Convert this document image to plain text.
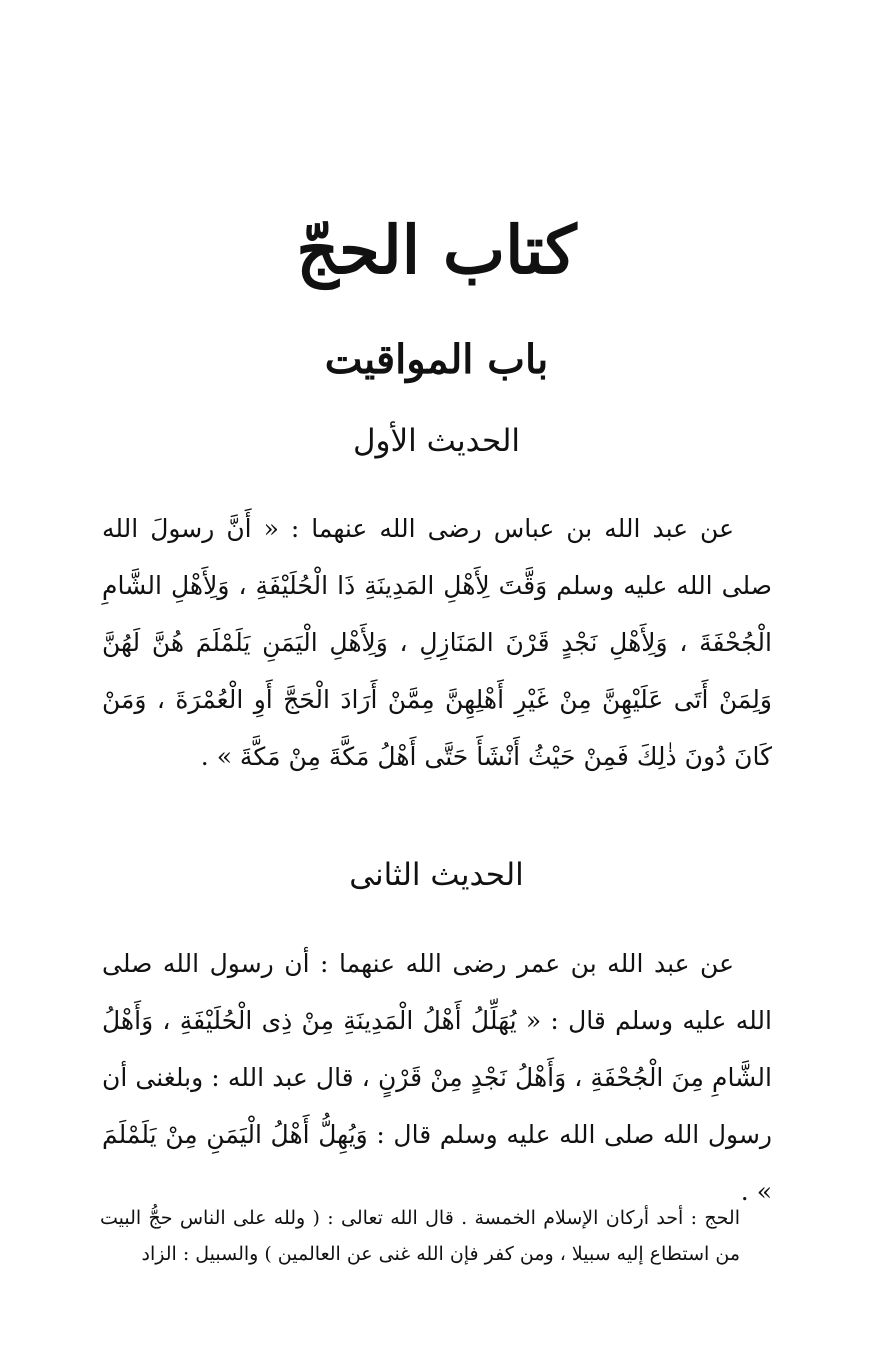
كتاب الحجّ
باب المواقيت
الحديث الأول

عن عبد الله بن عباس رضى الله عنهما : « أَنَّ رسولَ الله صلى الله عليه وسلم وَقَّتَ لِأَهْلِ المَدِينَةِ ذَا الْحُلَيْفَةِ ، وَلِأَهْلِ الشَّامِ الْجُحْفَةَ ، وَلِأَهْلِ نَجْدٍ قَرْنَ المَنَازِلِ ، وَلِأَهْلِ الْيَمَنِ يَلَمْلَمَ هُنَّ لَهُنَّ وَلِمَنْ أَتَى عَلَيْهِنَّ مِنْ غَيْرِ أَهْلِهِنَّ مِمَّنْ أَرَادَ الْحَجَّ أَوِ الْعُمْرَةَ ، وَمَنْ كَانَ دُونَ ذٰلِكَ فَمِنْ حَيْثُ أَنْشَأَ حَتَّى أَهْلُ مَكَّةَ مِنْ مَكَّةَ » .

الحديث الثانى

عن عبد الله بن عمر رضى الله عنهما : أن رسول الله صلى الله عليه وسلم قال : « يُهَلِّلُ أَهْلُ الْمَدِينَةِ مِنْ ذِى الْحُلَيْفَةِ ، وَأَهْلُ الشَّامِ مِنَ الْجُحْفَةِ ، وَأَهْلُ نَجْدٍ مِنْ قَرْنٍ ، قال عبد الله : وبلغنى أن رسول الله صلى الله عليه وسلم قال : وَيُهِلُّ أَهْلُ الْيَمَنِ مِنْ يَلَمْلَمَ » .

الحج : أحد أركان الإسلام الخمسة . قال الله تعالى : ( ولله على الناس حجُّ البيت من استطاع إليه سبيلا ، ومن كفر فإن الله غنى عن العالمين ) والسبيل : الزاد
